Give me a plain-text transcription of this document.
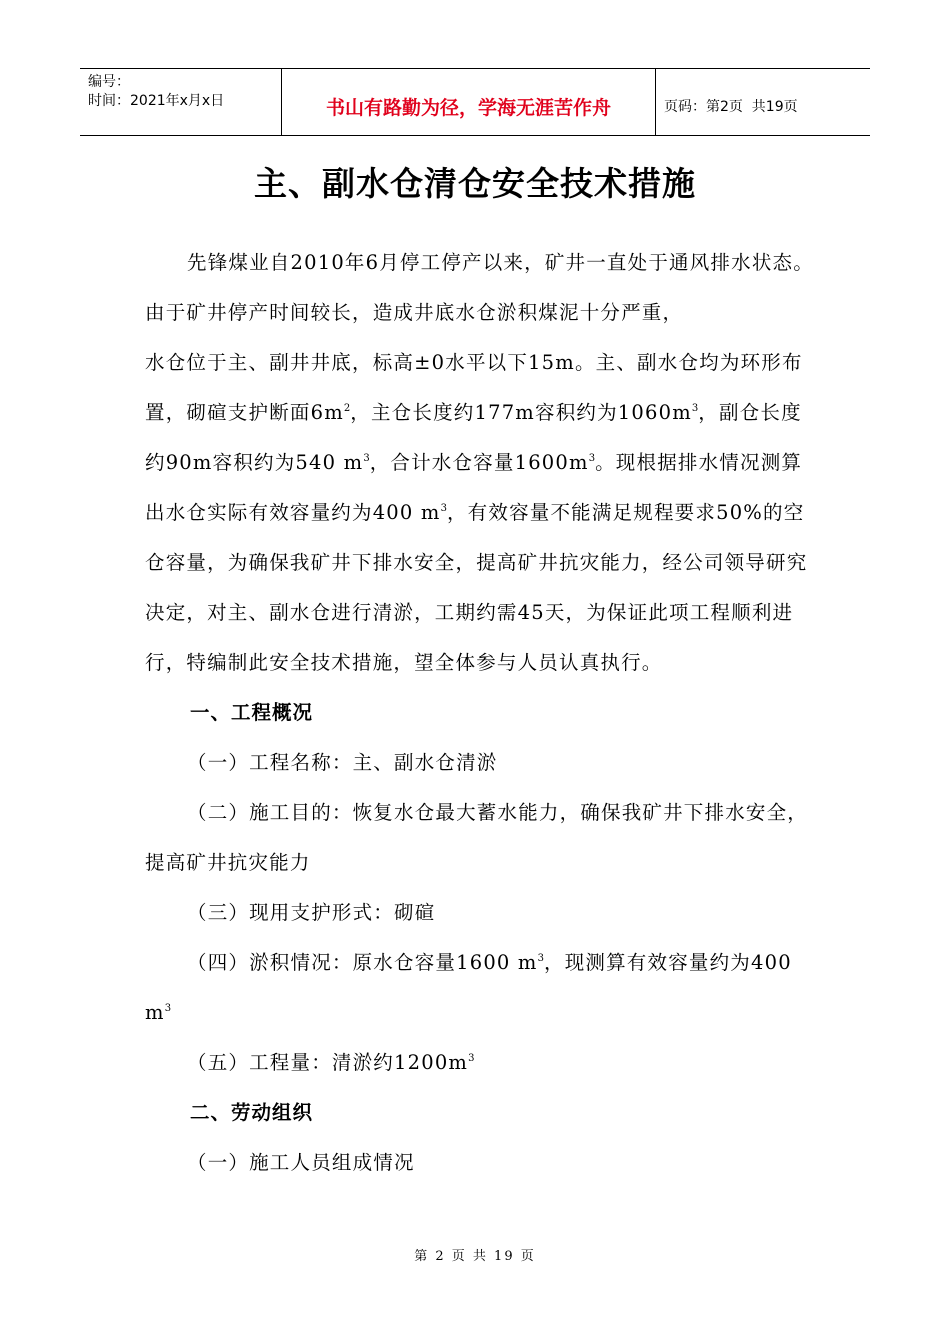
编号：
时间：2021年x月x日	书山有路勤为径，学海无涯苦作舟	页码：第2页  共19页
主、副水仓清仓安全技术措施

先锋煤业自2010年6月停工停产以来，矿井一直处于通风排水状态。由于矿井停产时间较长，造成井底水仓淤积煤泥十分严重，

水仓位于主、副井井底，标高±0水平以下15m。主、副水仓均为环形布置，砌碹支护断面$6m^2$，主仓长度约177m容积约为$1060m^3$，副仓长度约90m容积约为540 $m^3$，合计水仓容量$1600m^3$。现根据排水情况测算出水仓实际有效容量约为400 $m^3$，有效容量不能满足规程要求50%的空仓容量，为确保我矿井下排水安全，提高矿井抗灾能力，经公司领导研究决定，对主、副水仓进行清淤，工期约需45天，为保证此项工程顺利进行，特编制此安全技术措施，望全体参与人员认真执行。

一、工程概况

（一）工程名称：主、副水仓清淤

（二）施工目的：恢复水仓最大蓄水能力，确保我矿井下排水安全，提高矿井抗灾能力

（三）现用支护形式：砌碹

（四）淤积情况：原水仓容量1600 $m^3$，现测算有效容量约为400 $m^3$

（五）工程量：清淤约$1200m^3$

二、劳动组织

（一）施工人员组成情况

第 2 页 共 19 页
